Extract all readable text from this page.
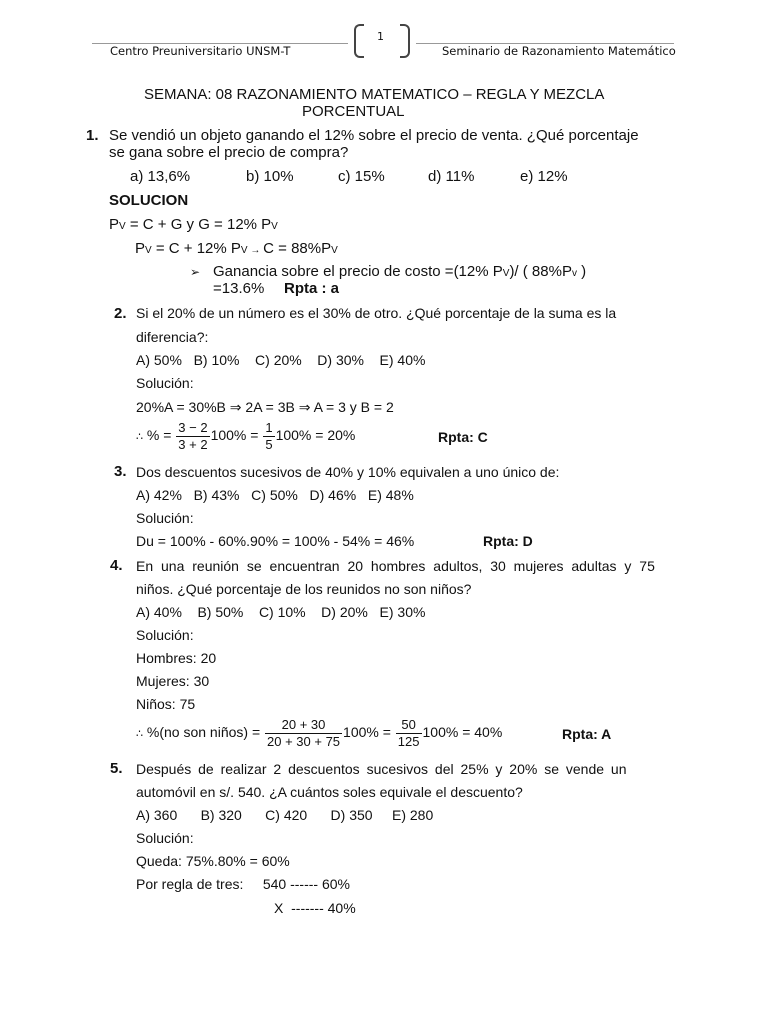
1
Centro Preuniversitario UNSM-T	Seminario de Razonamiento Matemático
SEMANA: 08 RAZONAMIENTO MATEMATICO – REGLA Y MEZCLA
PORCENTUAL
1. Se vendió un objeto ganando el 12% sobre el precio de venta. ¿Qué porcentaje
se gana sobre el precio de compra?
a) 13,6%	b) 10%	c) 15%	d) 11%	e) 12%
SOLUCION
PV = C + G y G = 12% PV
PV = C + 12% PV → C = 88%PV
➢ Ganancia sobre el precio de costo =(12% PV)/ ( 88%Pv )
=13.6% Rpta : a
2. Si el 20% de un número es el 30% de otro. ¿Qué porcentaje de la suma es la
diferencia?:
A) 50%   B) 10%    C) 20%    D) 30%    E) 40%
Solución:
20%A = 30%B ⇒ 2A = 3B ⇒ A = 3 y B = 2
∴ % = $\frac{3 - 2}{3 + 2} 100\% = \frac{1}{5} 100\% = 20\%$	Rpta: C
3. Dos descuentos sucesivos de 40% y 10% equivalen a uno único de:
A) 42%   B) 43%   C) 50%   D) 46%   E) 48%
Solución:
Du = 100% - 60%.90% = 100% - 54% = 46%	Rpta: D
4. En una reunión se encuentran 20 hombres adultos, 30 mujeres adultas y 75
niños. ¿Qué porcentaje de los reunidos no son niños?
A) 40%    B) 50%    C) 10%    D) 20%   E) 30%
Solución:
Hombres: 20
Mujeres: 30
Niños: 75
∴ %(no son niños) = $\frac{20 + 30}{20 + 30 + 75} 100\% = \frac{50}{125} 100\% = 40\%$	Rpta: A
5. Después de realizar 2 descuentos sucesivos del 25% y 20% se vende un
automóvil en s/. 540. ¿A cuántos soles equivale el descuento?
A) 360      B) 320      C) 420      D) 350     E) 280
Solución:
Queda: 75%.80% = 60%
Por regla de tres:     540 ------ 60%
X  ------- 40%
